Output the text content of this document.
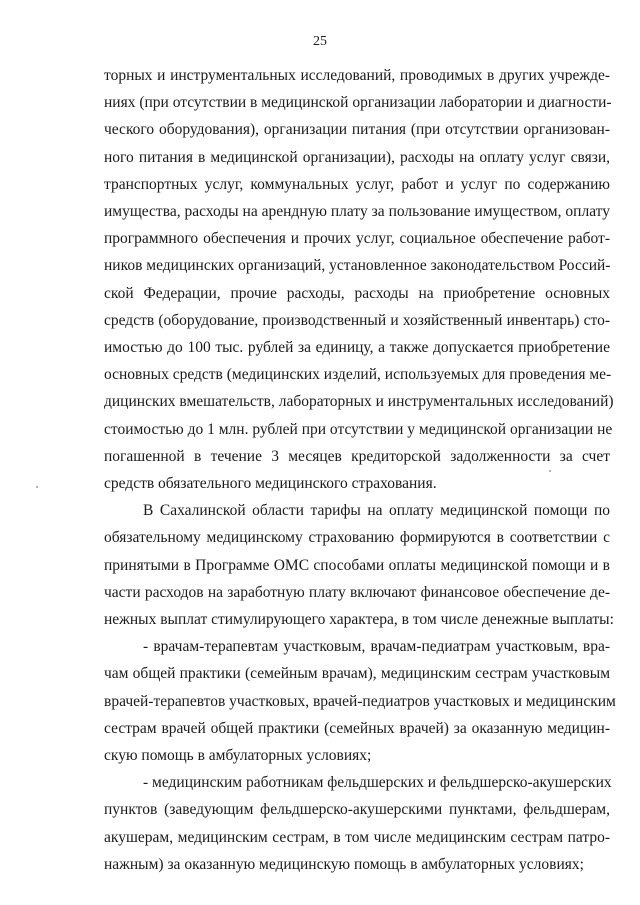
25
торных и инструментальных исследований, проводимых в других учрежде-
ниях (при отсутствии в медицинской организации лаборатории и диагности-
ческого оборудования), организации питания (при отсутствии организован-
ного питания в медицинской организации), расходы на оплату услуг связи,
транспортных услуг, коммунальных услуг, работ и услуг по содержанию
имущества, расходы на арендную плату за пользование имуществом, оплату
программного обеспечения и прочих услуг, социальное обеспечение работ-
ников медицинских организаций, установленное законодательством Россий-
ской Федерации, прочие расходы, расходы на приобретение основных
средств (оборудование, производственный и хозяйственный инвентарь) сто-
имостью до 100 тыс. рублей за единицу, а также допускается приобретение
основных средств (медицинских изделий, используемых для проведения ме-
дицинских вмешательств, лабораторных и инструментальных исследований)
стоимостью до 1 млн. рублей при отсутствии у медицинской организации не
погашенной в течение 3 месяцев кредиторской задолженности за счет
средств обязательного медицинского страхования.
В Сахалинской области тарифы на оплату медицинской помощи по
обязательному медицинскому страхованию формируются в соответствии с
принятыми в Программе ОМС способами оплаты медицинской помощи и в
части расходов на заработную плату включают финансовое обеспечение де-
нежных выплат стимулирующего характера, в том числе денежные выплаты:
- врачам-терапевтам участковым, врачам-педиатрам участковым, вра-
чам общей практики (семейным врачам), медицинским сестрам участковым
врачей-терапевтов участковых, врачей-педиатров участковых и медицинским
сестрам врачей общей практики (семейных врачей) за оказанную медицин-
скую помощь в амбулаторных условиях;
- медицинским работникам фельдшерских и фельдшерско-акушерских
пунктов (заведующим фельдшерско-акушерскими пунктами, фельдшерам,
акушерам, медицинским сестрам, в том числе медицинским сестрам патро-
нажным) за оказанную медицинскую помощь в амбулаторных условиях;
